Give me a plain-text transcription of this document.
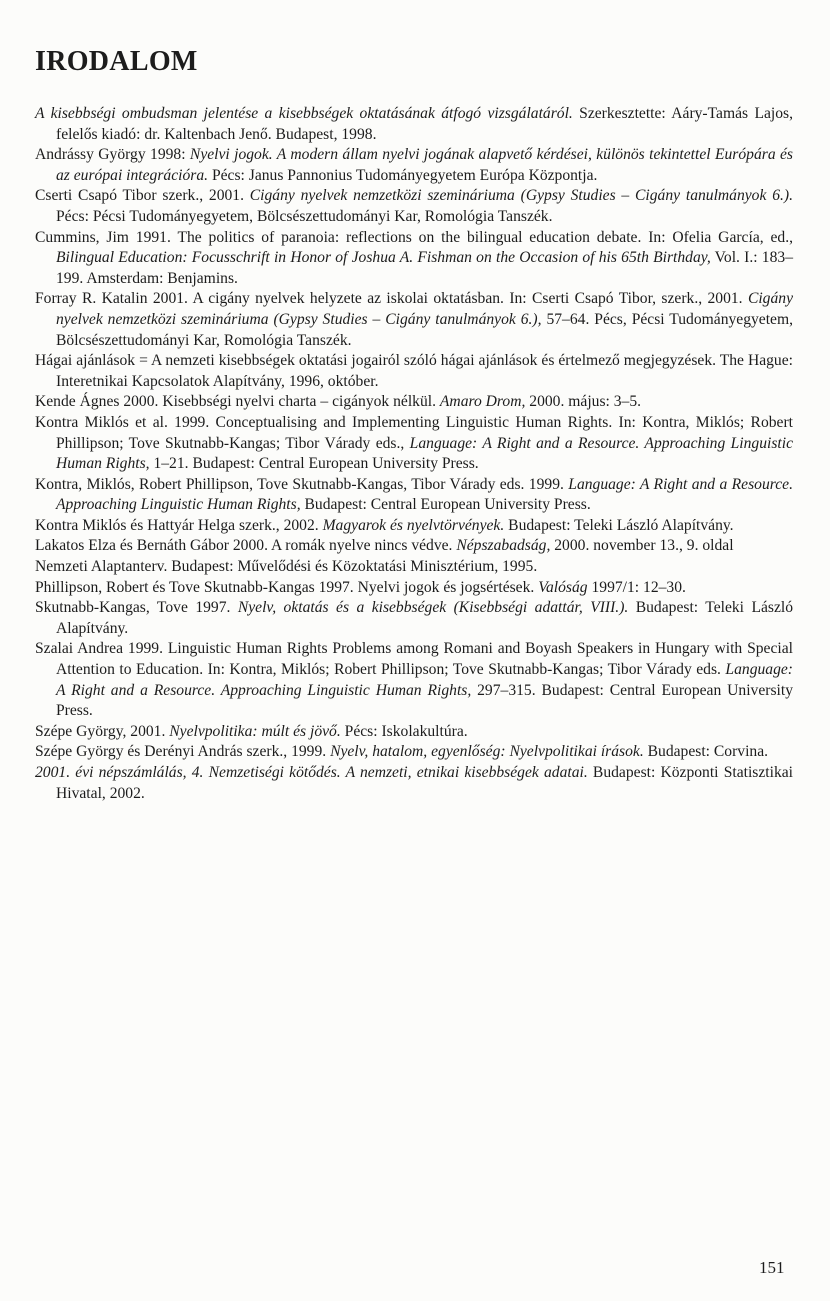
IRODALOM
A kisebbségi ombudsman jelentése a kisebbségek oktatásának átfogó vizsgálatáról. Szerkesztette: Aáry-Tamás Lajos, felelős kiadó: dr. Kaltenbach Jenő. Budapest, 1998.
Andrássy György 1998: Nyelvi jogok. A modern állam nyelvi jogának alapvető kérdései, különös tekintettel Európára és az európai integrációra. Pécs: Janus Pannonius Tudományegyetem Európa Központja.
Cserti Csapó Tibor szerk., 2001. Cigány nyelvek nemzetközi szemináriuma (Gypsy Studies – Cigány tanulmányok 6.). Pécs: Pécsi Tudományegyetem, Bölcsészettudományi Kar, Romológia Tanszék.
Cummins, Jim 1991. The politics of paranoia: reflections on the bilingual education debate. In: Ofelia García, ed., Bilingual Education: Focusschrift in Honor of Joshua A. Fishman on the Occasion of his 65th Birthday, Vol. I.: 183–199. Amsterdam: Benjamins.
Forray R. Katalin 2001. A cigány nyelvek helyzete az iskolai oktatásban. In: Cserti Csapó Tibor, szerk., 2001. Cigány nyelvek nemzetközi szemináriuma (Gypsy Studies – Cigány tanulmányok 6.), 57–64. Pécs, Pécsi Tudományegyetem, Bölcsészettudományi Kar, Romológia Tanszék.
Hágai ajánlások = A nemzeti kisebbségek oktatási jogairól szóló hágai ajánlások és értelmező megjegyzések. The Hague: Interetnikai Kapcsolatok Alapítvány, 1996, október.
Kende Ágnes 2000. Kisebbségi nyelvi charta – cigányok nélkül. Amaro Drom, 2000. május: 3–5.
Kontra Miklós et al. 1999. Conceptualising and Implementing Linguistic Human Rights. In: Kontra, Miklós; Robert Phillipson; Tove Skutnabb-Kangas; Tibor Várady eds., Language: A Right and a Resource. Approaching Linguistic Human Rights, 1–21. Budapest: Central European University Press.
Kontra, Miklós, Robert Phillipson, Tove Skutnabb-Kangas, Tibor Várady eds. 1999. Language: A Right and a Resource. Approaching Linguistic Human Rights, Budapest: Central European University Press.
Kontra Miklós és Hattyár Helga szerk., 2002. Magyarok és nyelvtörvények. Budapest: Teleki László Alapítvány.
Lakatos Elza és Bernáth Gábor 2000. A romák nyelve nincs védve. Népszabadság, 2000. november 13., 9. oldal
Nemzeti Alaptanterv. Budapest: Művelődési és Közoktatási Minisztérium, 1995.
Phillipson, Robert és Tove Skutnabb-Kangas 1997. Nyelvi jogok és jogsértések. Valóság 1997/1: 12–30.
Skutnabb-Kangas, Tove 1997. Nyelv, oktatás és a kisebbségek (Kisebbségi adattár, VIII.). Budapest: Teleki László Alapítvány.
Szalai Andrea 1999. Linguistic Human Rights Problems among Romani and Boyash Speakers in Hungary with Special Attention to Education. In: Kontra, Miklós; Robert Phillipson; Tove Skutnabb-Kangas; Tibor Várady eds. Language: A Right and a Resource. Approaching Linguistic Human Rights, 297–315. Budapest: Central European University Press.
Szépe György, 2001. Nyelvpolitika: múlt és jövő. Pécs: Iskolakultúra.
Szépe György és Derényi András szerk., 1999. Nyelv, hatalom, egyenlőség: Nyelvpolitikai írások. Budapest: Corvina.
2001. évi népszámlálás, 4. Nemzetiségi kötődés. A nemzeti, etnikai kisebbségek adatai. Budapest: Központi Statisztikai Hivatal, 2002.
151
